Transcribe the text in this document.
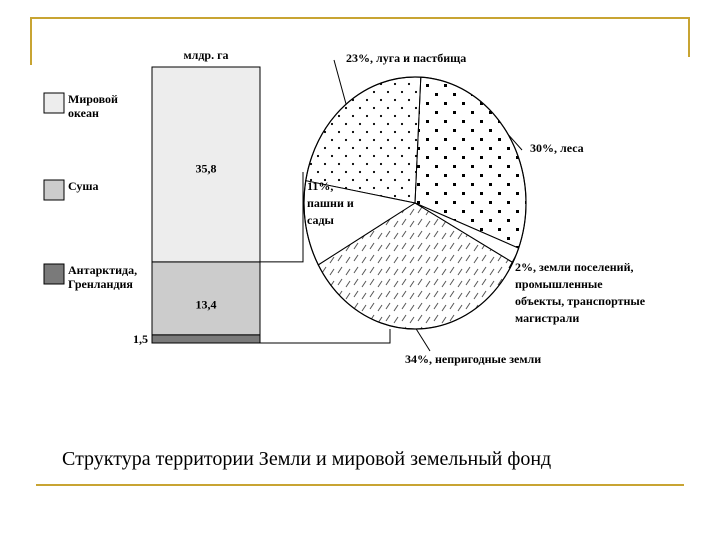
1,5
13,4
35,8
млдр. га
Мировой
океан
Суша
Антарктида,
Гренландия
23%, луга и пастбища
30%, леса
2%, земли поселений,
промышленные
объекты, транспортные
магистрали
34%, непригодные земли
11%,
пашни и
сады
Структура территории Земли и мировой земельный фонд
